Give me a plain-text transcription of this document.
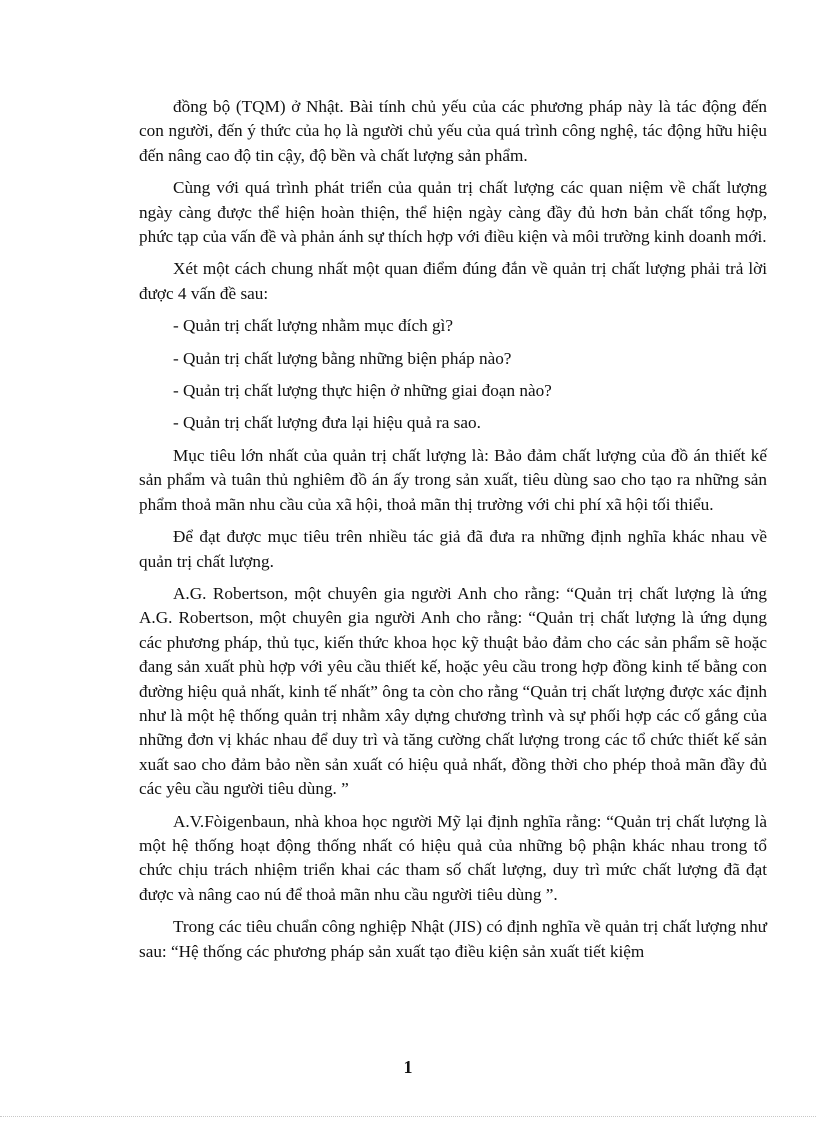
đồng bộ (TQM) ở Nhật. Bài tính chủ yếu của các phương pháp này là tác động đến con người, đến ý thức của họ là người chủ yếu của quá trình công nghệ, tác động hữu hiệu đến nâng cao độ tin cậy, độ bền và chất lượng sản phẩm.

Cùng với quá trình phát triển của quản trị chất lượng các quan niệm về chất lượng ngày càng được thể hiện hoàn thiện, thể hiện ngày càng đầy đủ hơn bản chất tổng hợp, phức tạp của vấn đề và phản ánh sự thích hợp với điều kiện và môi trường kinh doanh mới.

Xét một cách chung nhất một quan điểm đúng đắn về quản trị chất lượng phải trả lời được 4 vấn đề sau:

- Quản trị chất lượng nhằm mục đích gì?

- Quản trị chất lượng bằng những biện pháp nào?

- Quản trị chất lượng thực hiện ở những giai đoạn nào?

- Quản trị chất lượng đưa lại hiệu quả ra sao.

Mục tiêu lớn nhất của quản trị chất lượng là: Bảo đảm chất lượng của đồ án thiết kế sản phẩm và tuân thủ nghiêm đồ án ấy trong sản xuất, tiêu dùng sao cho tạo ra những sản phẩm thoả mãn nhu cầu của xã hội, thoả mãn thị trường với chi phí xã hội tối thiểu.

Để đạt được mục tiêu trên nhiều tác giả đã đưa ra những định nghĩa khác nhau về quản trị chất lượng.

A.G. Robertson, một chuyên gia người Anh cho rằng: “Quản trị chất lượng là ứng A.G. Robertson, một chuyên gia người Anh cho rằng: “Quản trị chất lượng là ứng dụng các phương pháp, thủ tục, kiến thức khoa học kỹ thuật bảo đảm cho các sản phẩm sẽ hoặc đang sản xuất phù hợp với yêu cầu thiết kế, hoặc yêu cầu trong hợp đồng kinh tế bằng con đường hiệu quả nhất, kinh tế nhất” ông ta còn cho rằng “Quản trị chất lượng được xác định như là một hệ thống quản trị nhằm xây dựng chương trình và sự phối hợp các cố gắng của những đơn vị khác nhau để duy trì và tăng cường chất lượng trong các tổ chức thiết kế sản xuất sao cho đảm bảo nền sản xuất có hiệu quả nhất, đồng thời cho phép thoả mãn đầy đủ các yêu cầu người tiêu dùng. ”

A.V.Fòigenbaun, nhà khoa học người Mỹ lại định nghĩa rằng: “Quản trị chất lượng là một hệ thống hoạt động thống nhất có hiệu quả của những bộ phận khác nhau trong tổ chức chịu trách nhiệm triển khai các tham số chất lượng, duy trì mức chất lượng đã đạt được và nâng cao nú để thoả mãn nhu cầu người tiêu dùng ”.

Trong các tiêu chuẩn công nghiệp Nhật (JIS) có định nghĩa về quản trị chất lượng như sau: “Hệ thống các phương pháp sản xuất tạo điều kiện sản xuất tiết kiệm

1
